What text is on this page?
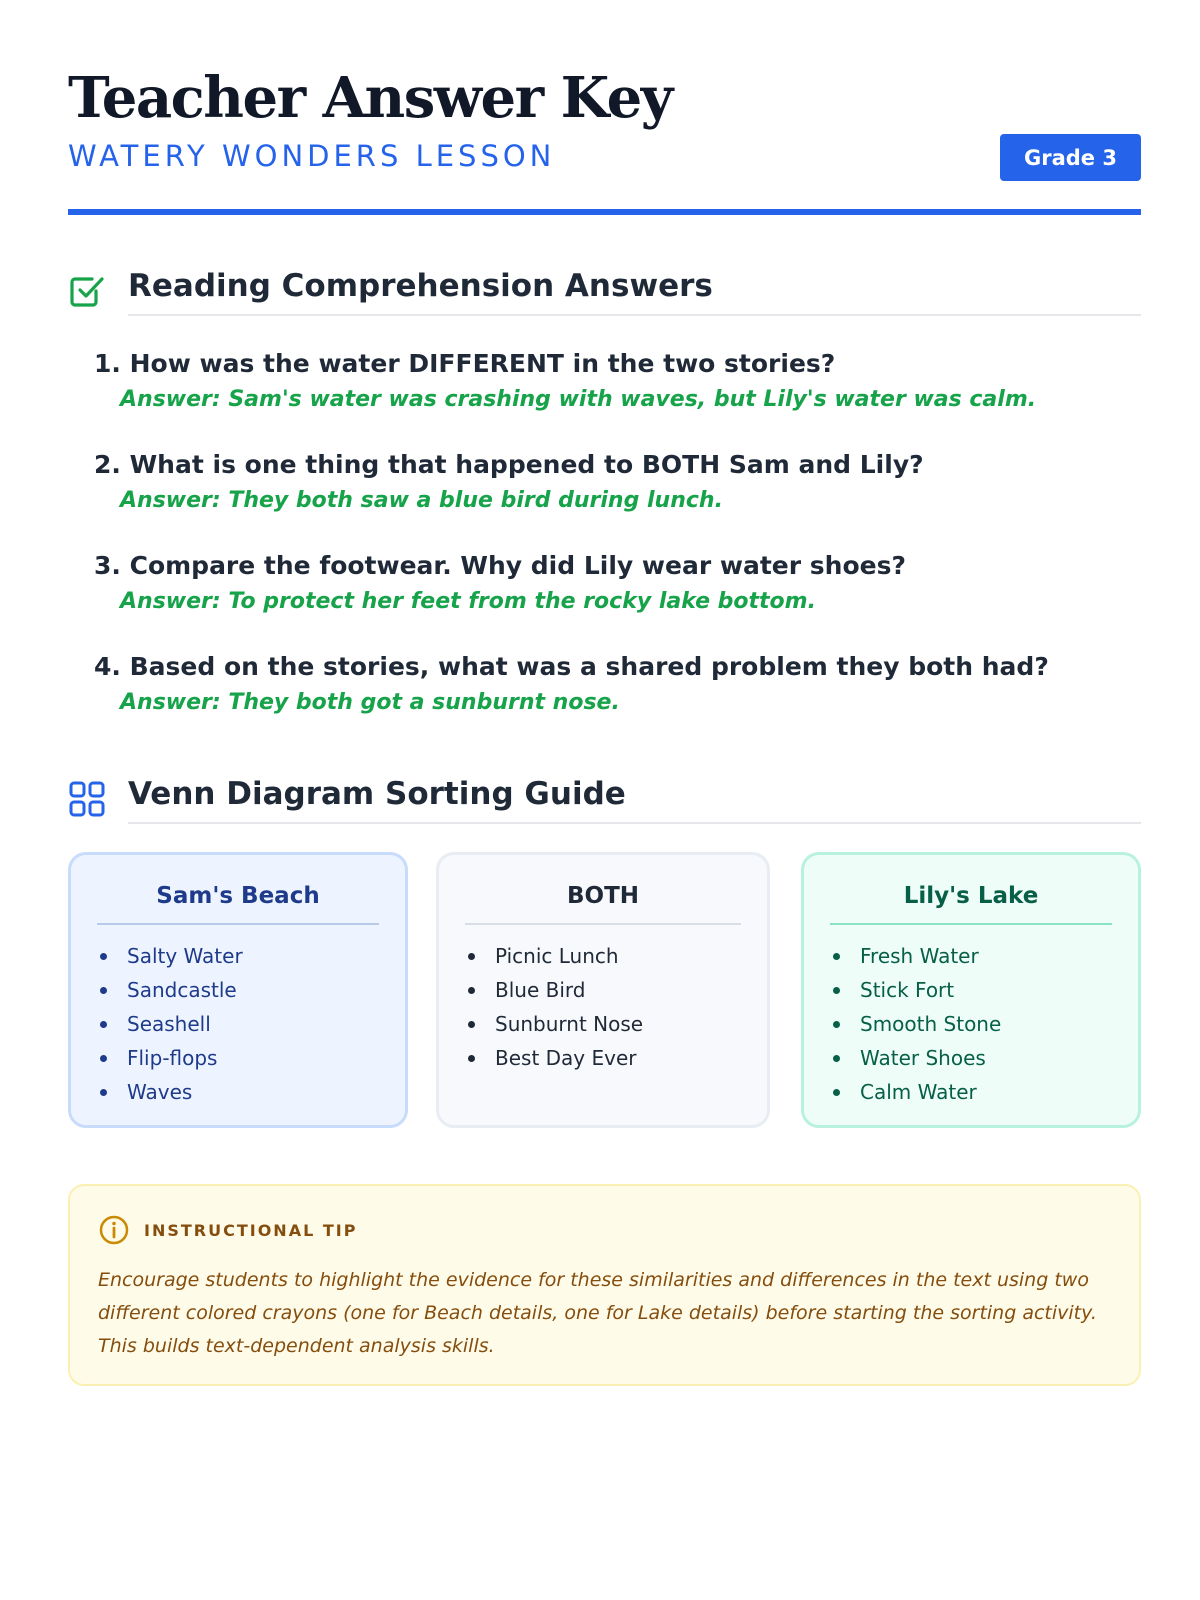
Teacher Answer Key
WATERY WONDERS LESSON	Grade 3
Reading Comprehension Answers
1. How was the water DIFFERENT in the two stories?
Answer: Sam's water was crashing with waves, but Lily's water was calm.
2. What is one thing that happened to BOTH Sam and Lily?
Answer: They both saw a blue bird during lunch.
3. Compare the footwear. Why did Lily wear water shoes?
Answer: To protect her feet from the rocky lake bottom.
4. Based on the stories, what was a shared problem they both had?
Answer: They both got a sunburnt nose.
Venn Diagram Sorting Guide
Sam's Beach
Salty Water
Sandcastle
Seashell
Flip-flops
Waves
BOTH
Picnic Lunch
Blue Bird
Sunburnt Nose
Best Day Ever
Lily's Lake
Fresh Water
Stick Fort
Smooth Stone
Water Shoes
Calm Water
INSTRUCTIONAL TIP
Encourage students to highlight the evidence for these similarities and differences in the text using two different colored crayons (one for Beach details, one for Lake details) before starting the sorting activity. This builds text-dependent analysis skills.
